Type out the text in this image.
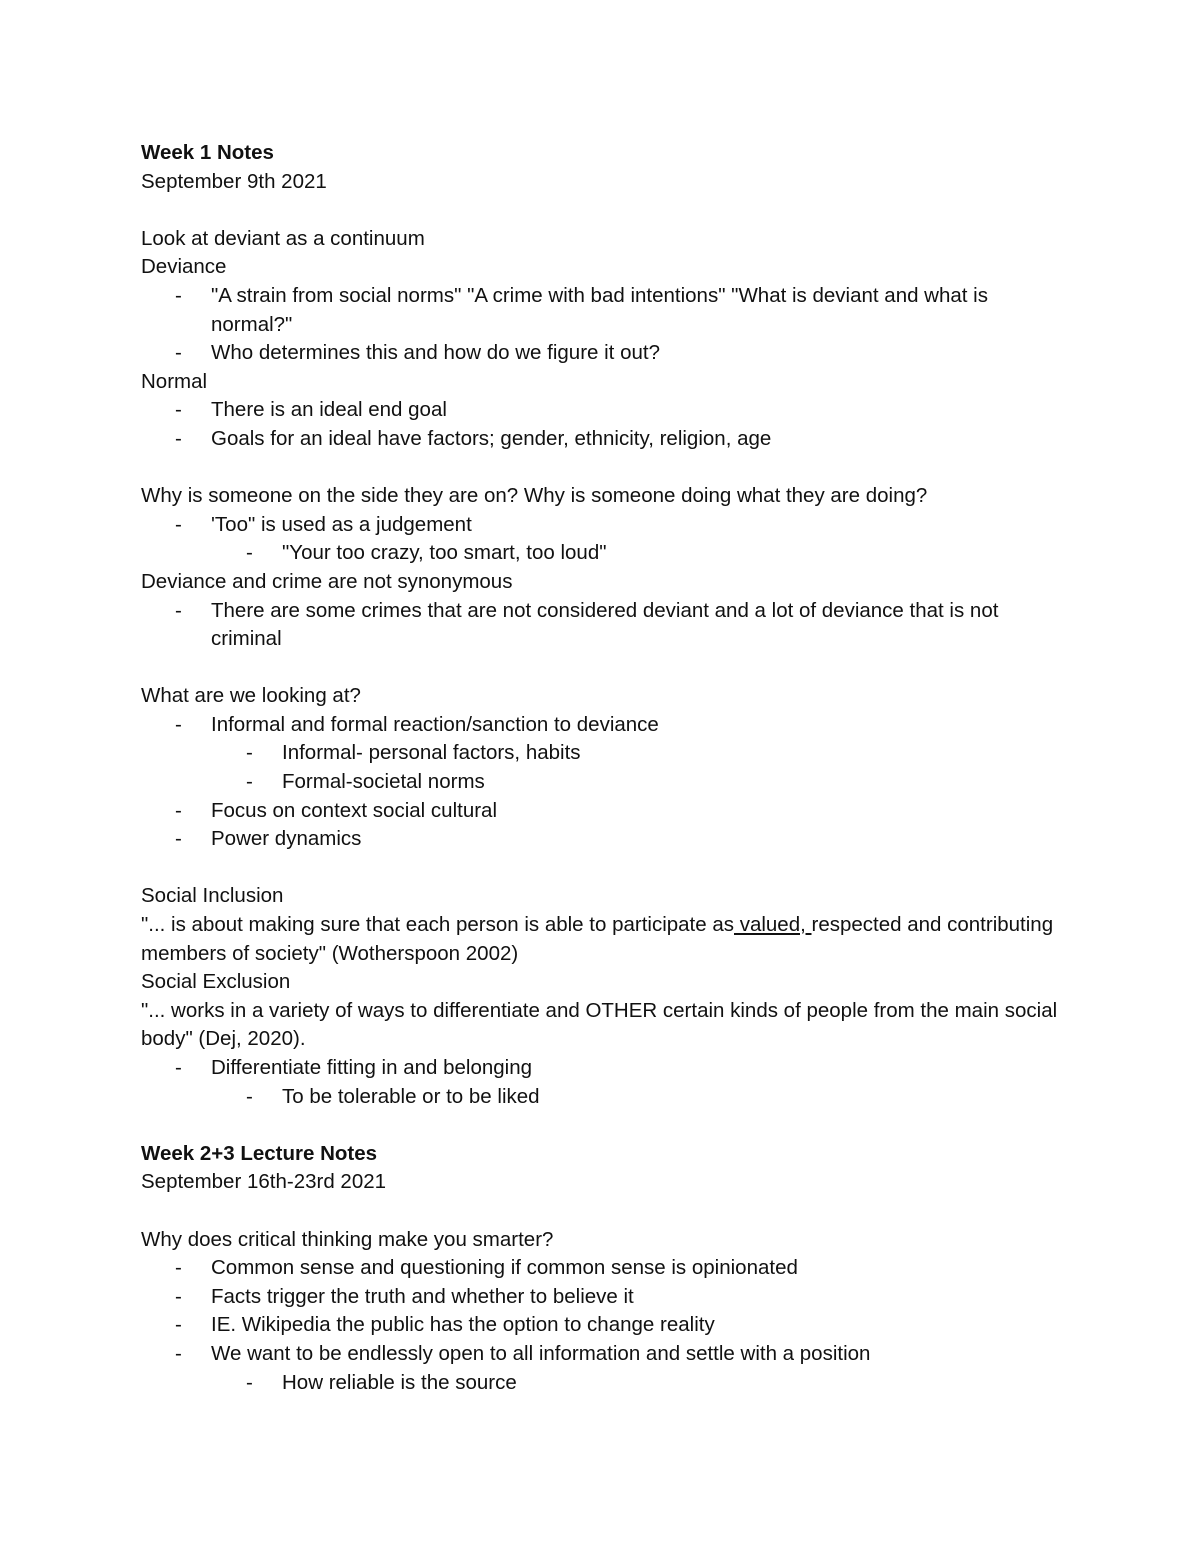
Week 1 Notes
September 9th 2021
Look at deviant as a continuum
Deviance
- "A strain from social norms" "A crime with bad intentions" "What is deviant and what is normal?"
- Who determines this and how do we figure it out?
Normal
- There is an ideal end goal
- Goals for an ideal have factors; gender, ethnicity, religion, age
Why is someone on the side they are on? Why is someone doing what they are doing?
- 'Too" is used as a judgement
- "Your too crazy, too smart, too loud"
Deviance and crime are not synonymous
- There are some crimes that are not considered deviant and a lot of deviance that is not criminal
What are we looking at?
- Informal and formal reaction/sanction to deviance
- Informal- personal factors, habits
- Formal-societal norms
- Focus on context social cultural
- Power dynamics
Social Inclusion
"... is about making sure that each person is able to participate as valued, respected and contributing members of society" (Wotherspoon 2002)
Social Exclusion
"... works in a variety of ways to differentiate and OTHER certain kinds of people from the main social body" (Dej, 2020).
- Differentiate fitting in and belonging
- To be tolerable or to be liked
Week 2+3 Lecture Notes
September 16th-23rd 2021
Why does critical thinking make you smarter?
- Common sense and questioning if common sense is opinionated
- Facts trigger the truth and whether to believe it
- IE. Wikipedia the public has the option to change reality
- We want to be endlessly open to all information and settle with a position
- How reliable is the source
